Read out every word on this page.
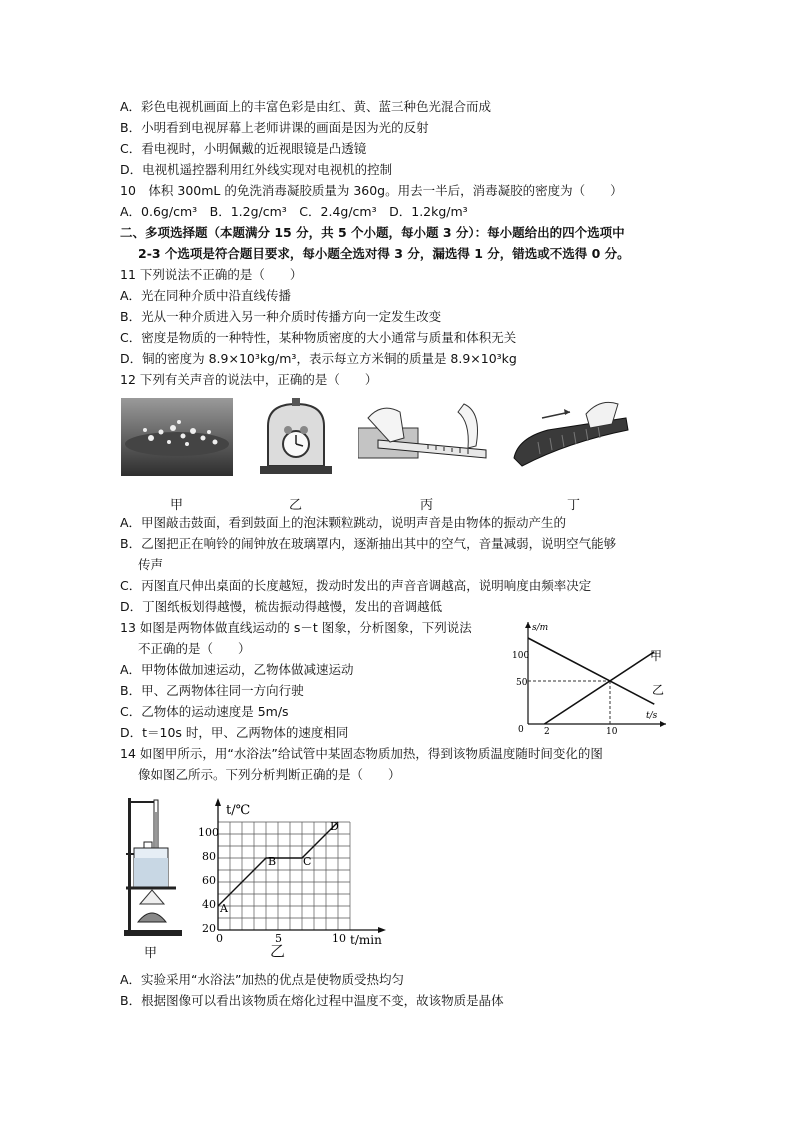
A．彩色电视机画面上的丰富色彩是由红、黄、蓝三种色光混合而成
B．小明看到电视屏幕上老师讲课的画面是因为光的反射
C．看电视时，小明佩戴的近视眼镜是凸透镜
D．电视机遥控器利用红外线实现对电视机的控制
10　体积 300mL 的免洗消毒凝胶质量为 360g。用去一半后，消毒凝胶的密度为（　　）
A．0.6g/cm³　B．1.2g/cm³　C．2.4g/cm³　D．1.2kg/m³
二、多项选择题（本题满分 15 分，共 5 个小题，每小题 3 分）：每小题给出的四个选项中
2-3 个选项是符合题目要求，每小题全选对得 3 分，漏选得 1 分，错选或不选得 0 分。
11 下列说法不正确的是（　　）
A．光在同种介质中沿直线传播
B．光从一种介质进入另一种介质时传播方向一定发生改变
C．密度是物质的一种特性，某种物质密度的大小通常与质量和体积无关
D．铜的密度为 8.9×10³kg/m³，表示每立方米铜的质量是 8.9×10³kg
12 下列有关声音的说法中，正确的是（　　）
甲	乙	丙	丁
A．甲图敲击鼓面，看到鼓面上的泡沫颗粒跳动，说明声音是由物体的振动产生的
B．乙图把正在响铃的闹钟放在玻璃罩内，逐渐抽出其中的空气，音量减弱，说明空气能够
传声
C．丙图直尺伸出桌面的长度越短，拨动时发出的声音音调越高，说明响度由频率决定
D．丁图纸板划得越慢，梳齿振动得越慢，发出的音调越低
13 如图是两物体做直线运动的 s－t 图象，分析图象，下列说法
不正确的是（　　）
A．甲物体做加速运动，乙物体做减速运动
B．甲、乙两物体往同一方向行驶
C．乙物体的运动速度是 5m/s
D．t＝10s 时，甲、乙两物体的速度相同
s/m
t/s
100
50
0 2	10
甲
乙
14 如图甲所示，用“水浴法”给试管中某固态物质加热，得到该物质温度随时间变化的图
像如图乙所示。下列分析判断正确的是（　　）
甲
t/℃
t/min
100
80
60
40
20
0	5	10
A
B C
D
乙
A．实验采用“水浴法”加热的优点是使物质受热均匀
B．根据图像可以看出该物质在熔化过程中温度不变，故该物质是晶体
